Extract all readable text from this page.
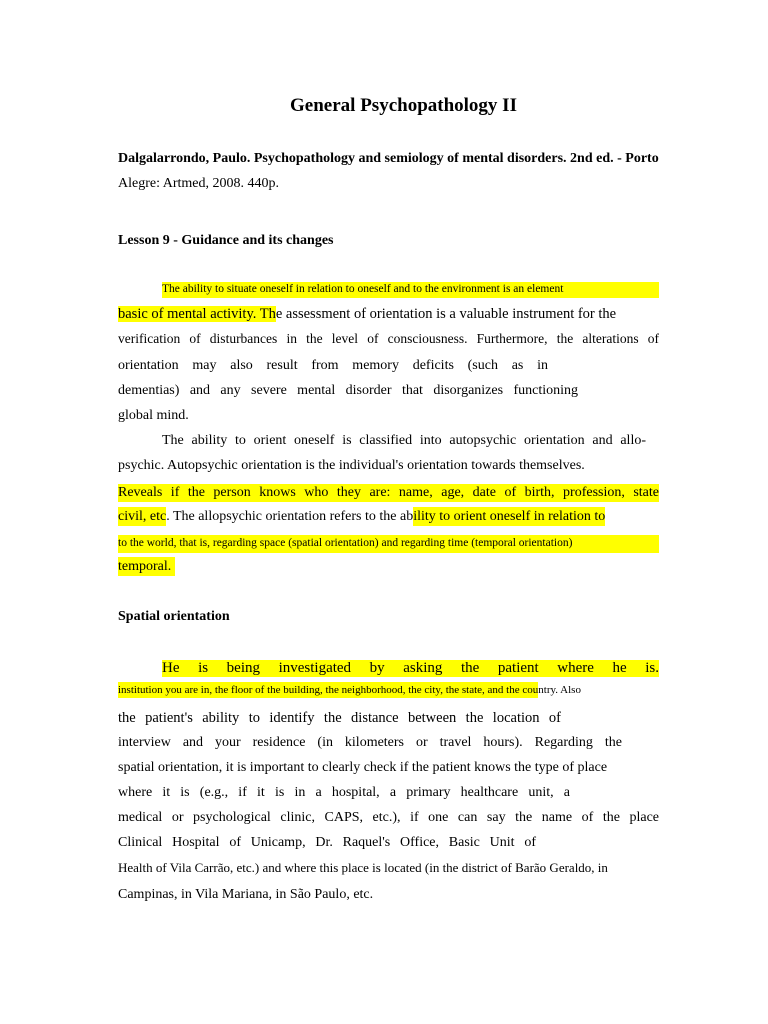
General Psychopathology II
Dalgalarrondo, Paulo. Psychopathology and semiology of mental disorders. 2nd ed. - Porto
Alegre: Artmed, 2008. 440p.
Lesson 9 - Guidance and its changes
The ability to situate oneself in relation to oneself and to the environment is an element
basic of mental activity. The assessment of orientation is a valuable instrument for the
verification of disturbances in the level of consciousness. Furthermore, the alterations of
orientation may also result from memory deficits (such as in
dementias) and any severe mental disorder that disorganizes functioning
global mind.
The ability to orient oneself is classified into autopsychic orientation and allo-
psychic. Autopsychic orientation is the individual's orientation towards themselves.
Reveals if the person knows who they are: name, age, date of birth, profession, state
civil, etc. The allopsychic orientation refers to the ability to orient oneself in relation to
to the world, that is, regarding space (spatial orientation) and regarding time (temporal orientation)
temporal.
Spatial orientation
He is being investigated by asking the patient where he is.
institution you are in, the floor of the building, the neighborhood, the city, the state, and the country. Also
the patient's ability to identify the distance between the location of
interview and your residence (in kilometers or travel hours). Regarding the
spatial orientation, it is important to clearly check if the patient knows the type of place
where it is (e.g., if it is in a hospital, a primary healthcare unit, a
medical or psychological clinic, CAPS, etc.), if one can say the name of the place
Clinical Hospital of Unicamp, Dr. Raquel's Office, Basic Unit of
Health of Vila Carrão, etc.) and where this place is located (in the district of Barão Geraldo, in
Campinas, in Vila Mariana, in São Paulo, etc.
